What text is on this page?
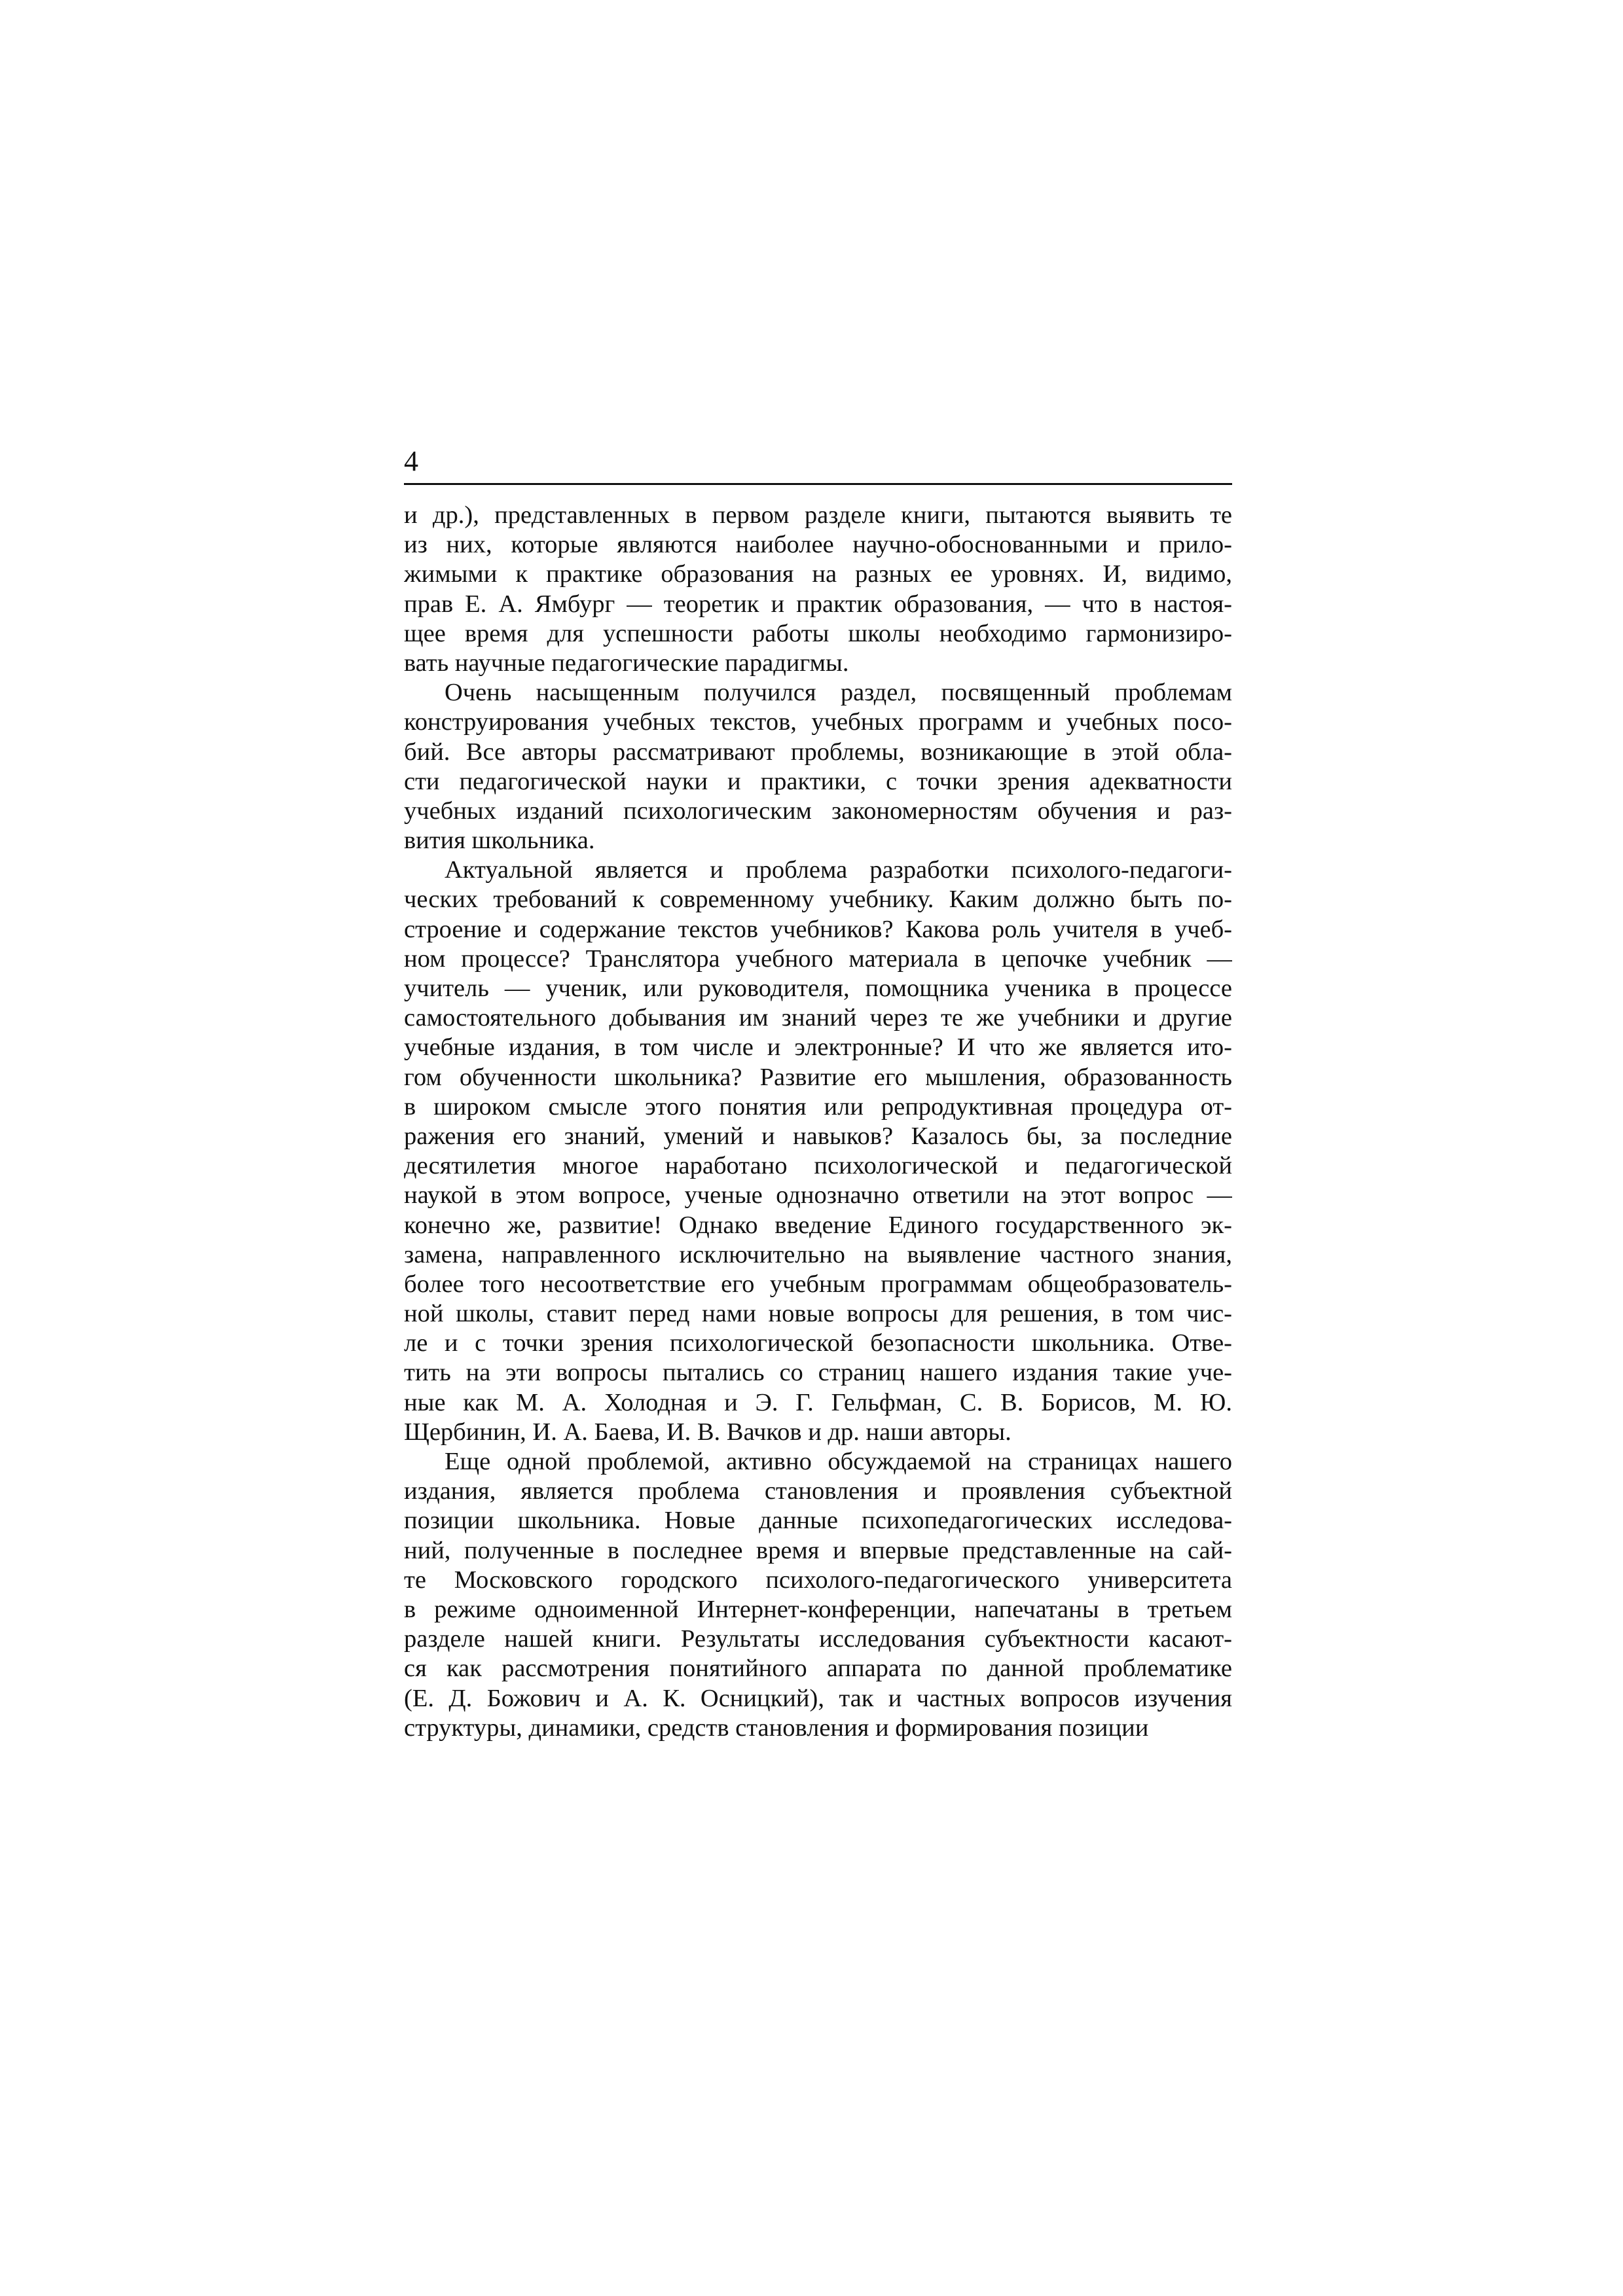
4
и др.), представленных в первом разделе книги, пытаются выявить те
из них, которые являются наиболее научно-обоснованными и прило-
жимыми к практике образования на разных ее уровнях. И, видимо,
прав Е. А. Ямбург — теоретик и практик образования, — что в настоя-
щее время для успешности работы школы необходимо гармонизиро-
вать научные педагогические парадигмы.
Очень насыщенным получился раздел, посвященный проблемам
конструирования учебных текстов, учебных программ и учебных посо-
бий. Все авторы рассматривают проблемы, возникающие в этой обла-
сти педагогической науки и практики, с точки зрения адекватности
учебных изданий психологическим закономерностям обучения и раз-
вития школьника.
Актуальной является и проблема разработки психолого-педагоги-
ческих требований к современному учебнику. Каким должно быть по-
строение и содержание текстов учебников? Какова роль учителя в учеб-
ном процессе? Транслятора учебного материала в цепочке учебник —
учитель — ученик, или руководителя, помощника ученика в процессе
самостоятельного добывания им знаний через те же учебники и другие
учебные издания, в том числе и электронные? И что же является ито-
гом обученности школьника? Развитие его мышления, образованность
в широком смысле этого понятия или репродуктивная процедура от-
ражения его знаний, умений и навыков? Казалось бы, за последние
десятилетия многое наработано психологической и педагогической
наукой в этом вопросе, ученые однозначно ответили на этот вопрос —
конечно же, развитие! Однако введение Единого государственного эк-
замена, направленного исключительно на выявление частного знания,
более того несоответствие его учебным программам общеобразователь-
ной школы, ставит перед нами новые вопросы для решения, в том чис-
ле и с точки зрения психологической безопасности школьника. Отве-
тить на эти вопросы пытались со страниц нашего издания такие уче-
ные как М. А. Холодная и Э. Г. Гельфман, С. В. Борисов, М. Ю.
Щербинин, И. А. Баева, И. В. Вачков и др. наши авторы.
Еще одной проблемой, активно обсуждаемой на страницах нашего
издания, является проблема становления и проявления субъектной
позиции школьника. Новые данные психопедагогических исследова-
ний, полученные в последнее время и впервые представленные на сай-
те Московского городского психолого-педагогического университета
в режиме одноименной Интернет-конференции, напечатаны в третьем
разделе нашей книги. Результаты исследования субъектности касают-
ся как рассмотрения понятийного аппарата по данной проблематике
(Е. Д. Божович и А. К. Осницкий), так и частных вопросов изучения
структуры, динамики, средств становления и формирования позиции
